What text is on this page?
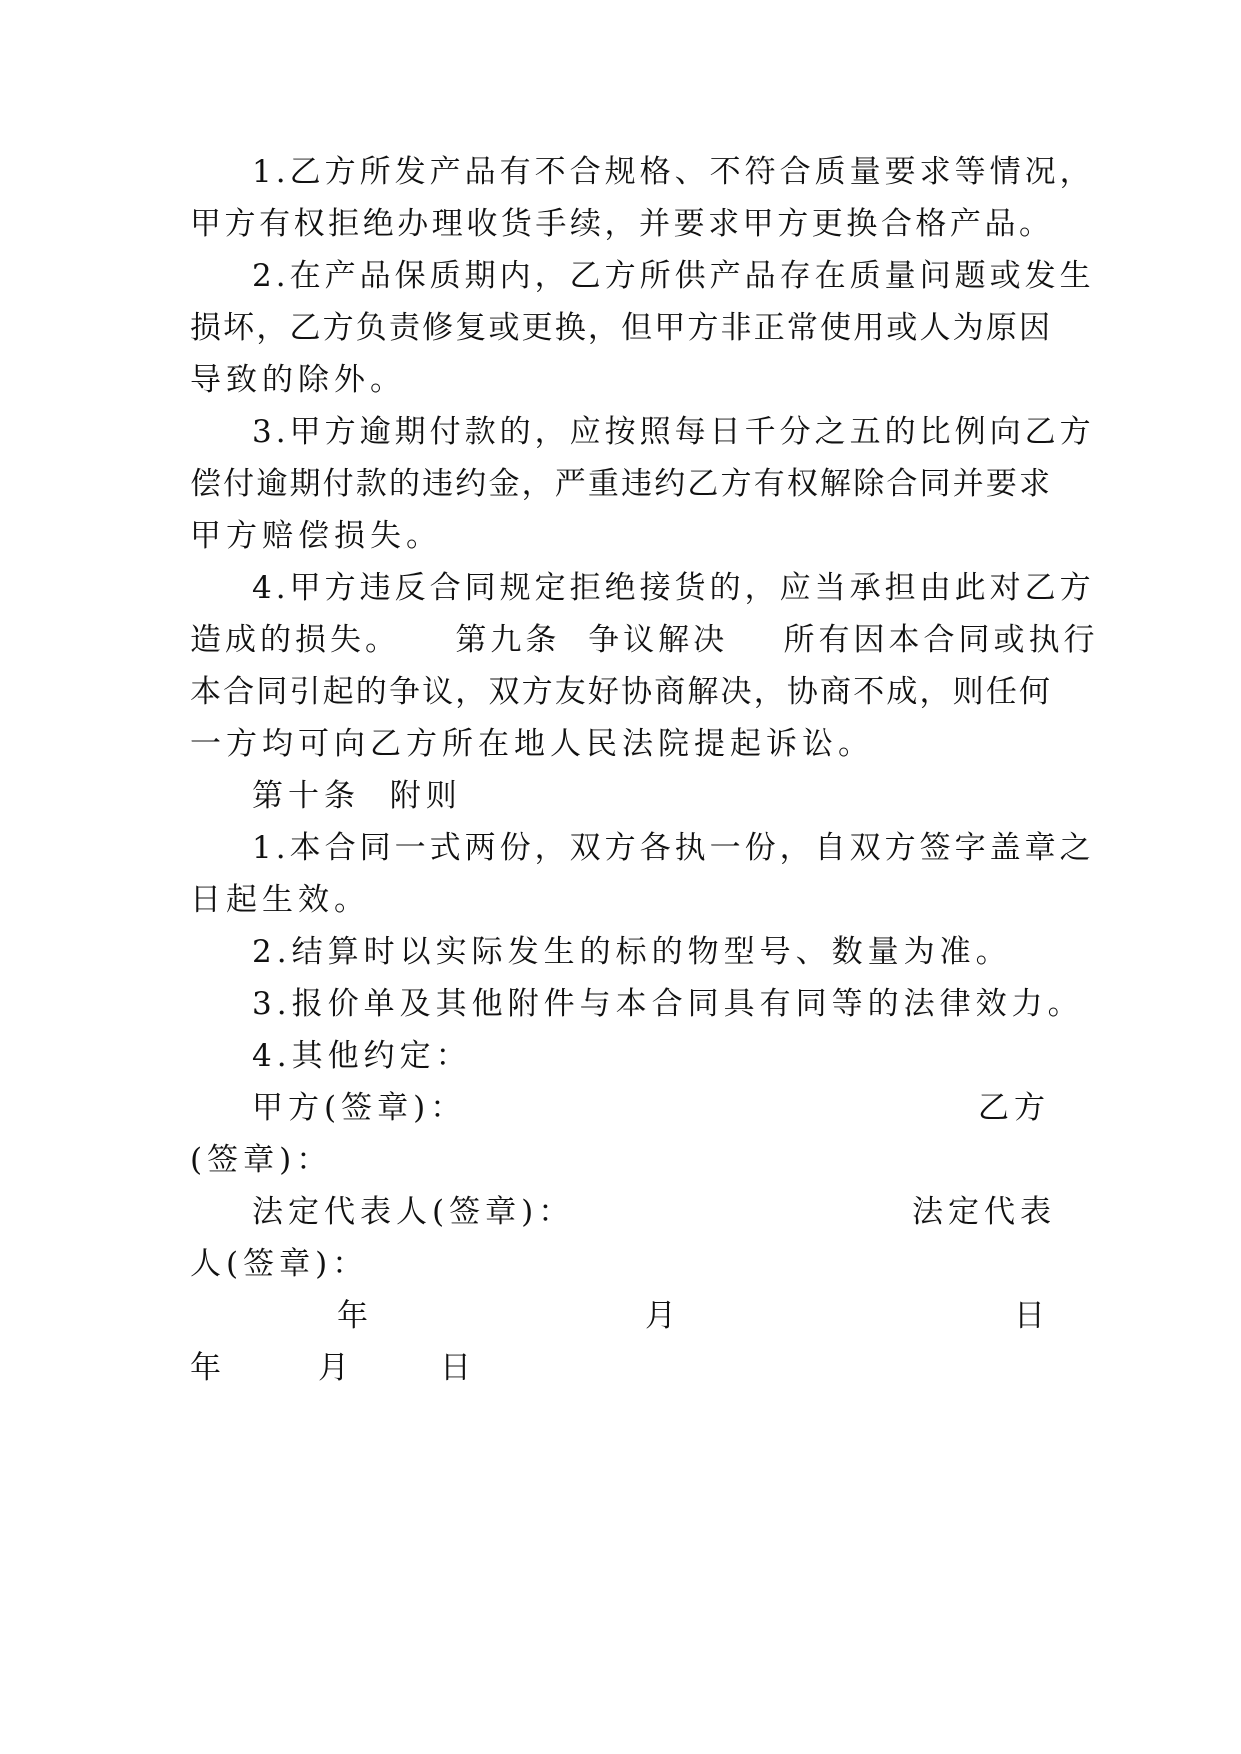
1.乙方所发产品有不合规格、不符合质量要求等情况，
甲方有权拒绝办理收货手续，并要求甲方更换合格产品。
2.在产品保质期内，乙方所供产品存在质量问题或发生
损坏，乙方负责修复或更换，但甲方非正常使用或人为原因
导致的除外。
3.甲方逾期付款的，应按照每日千分之五的比例向乙方
偿付逾期付款的违约金，严重违约乙方有权解除合同并要求
甲方赔偿损失。
4.甲方违反合同规定拒绝接货的，应当承担由此对乙方
造成的损失。    第九条  争议解决    所有因本合同或执行
本合同引起的争议，双方友好协商解决，协商不成，则任何
一方均可向乙方所在地人民法院提起诉讼。
第十条  附则
1.本合同一式两份，双方各执一份，自双方签字盖章之
日起生效。
2.结算时以实际发生的标的物型号、数量为准。
3.报价单及其他附件与本合同具有同等的法律效力。
4.其他约定：
甲方(签章)：	乙方
(签章)：
法定代表人(签章)：	法定代表
人(签章)：
年	月	日
年	月	日
